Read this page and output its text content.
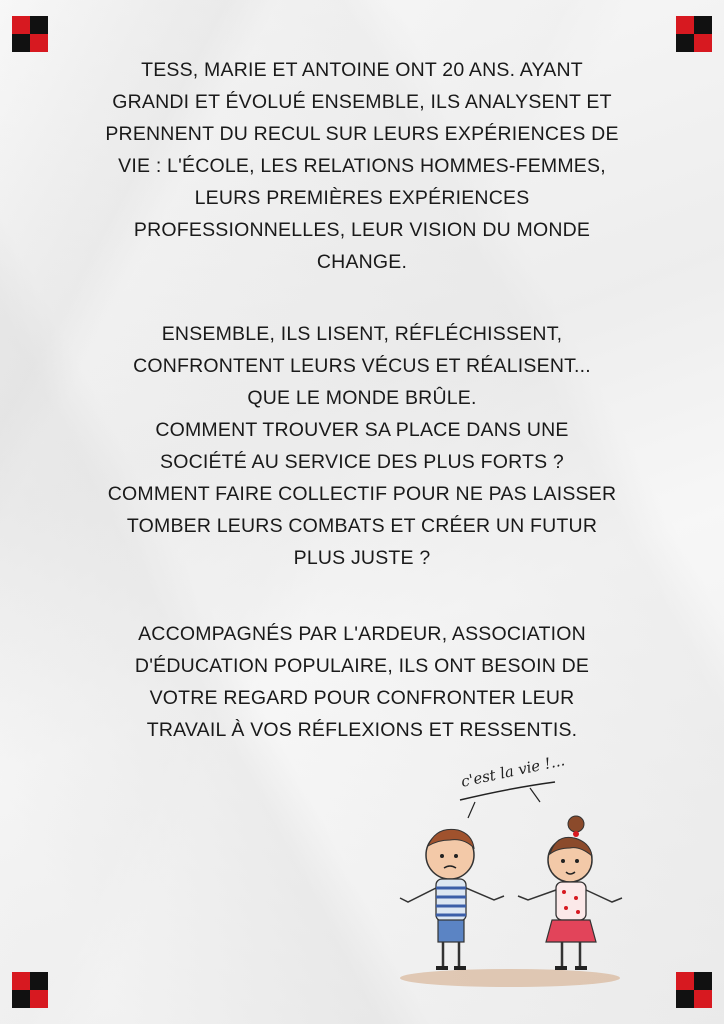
TESS, MARIE ET ANTOINE ONT 20 ANS. AYANT

GRANDI ET ÉVOLUÉ ENSEMBLE, ILS ANALYSENT ET

PRENNENT DU RECUL SUR LEURS EXPÉRIENCES DE

VIE : L'ÉCOLE, LES RELATIONS HOMMES-FEMMES,

LEURS PREMIÈRES EXPÉRIENCES

PROFESSIONNELLES, LEUR VISION DU MONDE

CHANGE.

ENSEMBLE, ILS LISENT, RÉFLÉCHISSENT,

CONFRONTENT LEURS VÉCUS ET RÉALISENT...

QUE LE MONDE BRÛLE.

COMMENT TROUVER SA PLACE DANS UNE

SOCIÉTÉ AU SERVICE DES PLUS FORTS ?

COMMENT FAIRE COLLECTIF POUR NE PAS LAISSER

TOMBER LEURS COMBATS ET CRÉER UN FUTUR

PLUS JUSTE ?

ACCOMPAGNÉS PAR L'ARDEUR, ASSOCIATION

D'ÉDUCATION POPULAIRE, ILS ONT BESOIN DE

VOTRE REGARD POUR CONFRONTER LEUR

TRAVAIL À VOS RÉFLEXIONS ET RESSENTIS.

c'est la vie !...
